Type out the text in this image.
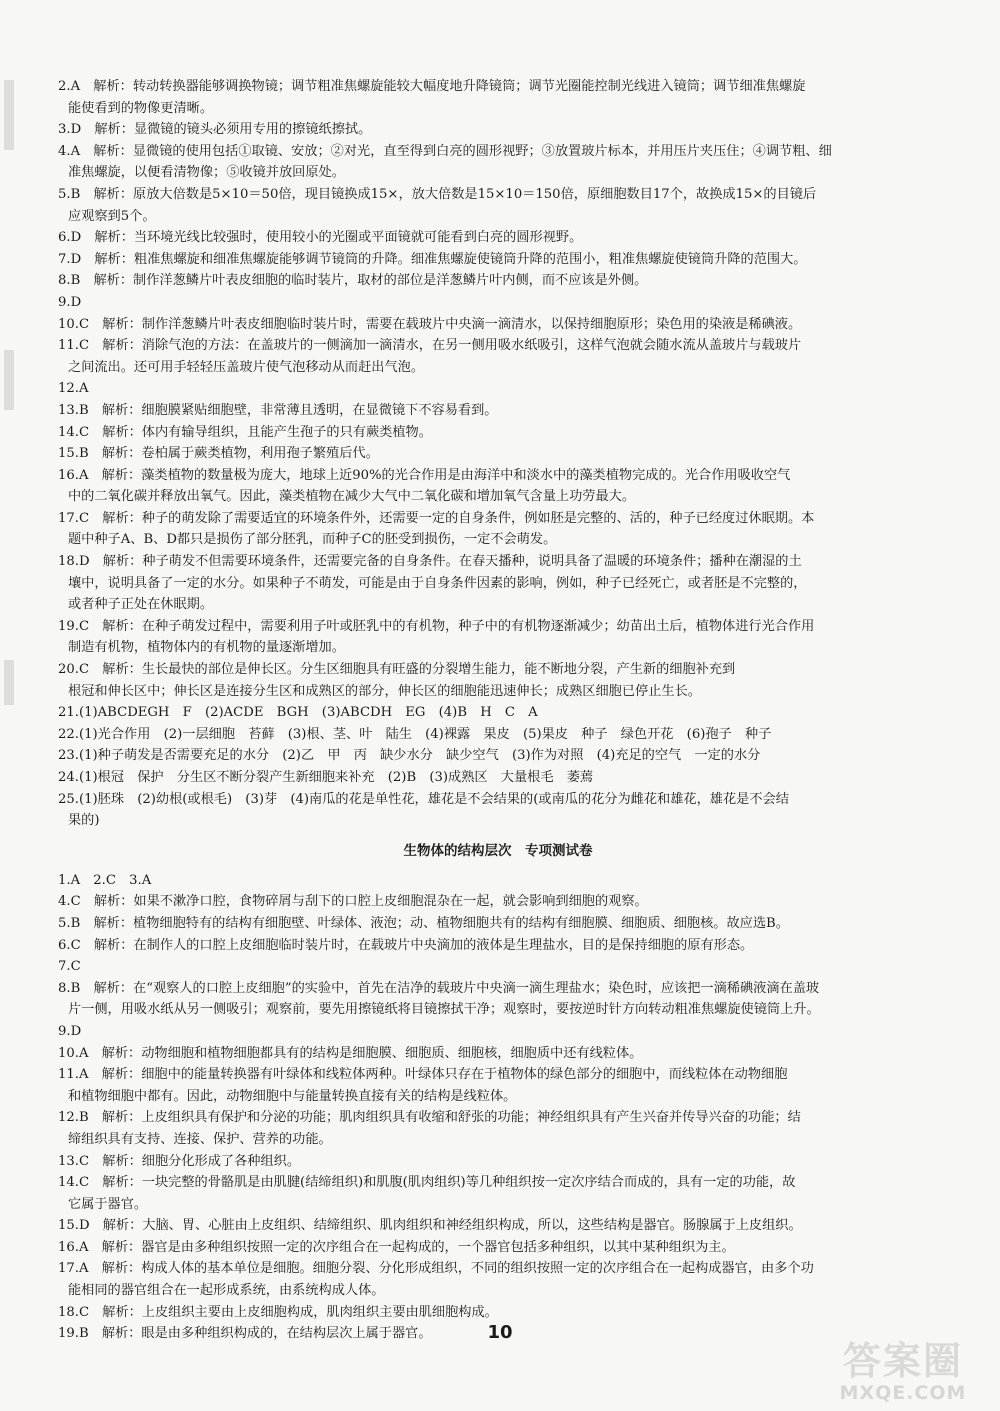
2.A　解析：转动转换器能够调换物镜；调节粗准焦螺旋能较大幅度地升降镜筒；调节光圈能控制光线进入镜筒；调节细准焦螺旋
能使看到的物像更清晰。
3.D　解析：显微镜的镜头必须用专用的擦镜纸擦拭。
4.A　解析：显微镜的使用包括①取镜、安放；②对光，直至得到白亮的圆形视野；③放置玻片标本，并用压片夹压住；④调节粗、细
准焦螺旋，以便看清物像；⑤收镜并放回原处。
5.B　解析：原放大倍数是5×10＝50倍，现目镜换成15×，放大倍数是15×10＝150倍，原细胞数目17个，故换成15×的目镜后
应观察到5个。
6.D　解析：当环境光线比较强时，使用较小的光圈或平面镜就可能看到白亮的圆形视野。
7.D　解析：粗准焦螺旋和细准焦螺旋能够调节镜筒的升降。细准焦螺旋使镜筒升降的范围小，粗准焦螺旋使镜筒升降的范围大。
8.B　解析：制作洋葱鳞片叶表皮细胞的临时装片，取材的部位是洋葱鳞片叶内侧，而不应该是外侧。
9.D
10.C　解析：制作洋葱鳞片叶表皮细胞临时装片时，需要在载玻片中央滴一滴清水，以保持细胞原形；染色用的染液是稀碘液。
11.C　解析：消除气泡的方法：在盖玻片的一侧滴加一滴清水，在另一侧用吸水纸吸引，这样气泡就会随水流从盖玻片与载玻片
之间流出。还可用手轻轻压盖玻片使气泡移动从而赶出气泡。
12.A
13.B　解析：细胞膜紧贴细胞壁，非常薄且透明，在显微镜下不容易看到。
14.C　解析：体内有输导组织，且能产生孢子的只有蕨类植物。
15.B　解析：卷柏属于蕨类植物，利用孢子繁殖后代。
16.A　解析：藻类植物的数量极为庞大，地球上近90%的光合作用是由海洋中和淡水中的藻类植物完成的。光合作用吸收空气
中的二氧化碳并释放出氧气。因此，藻类植物在减少大气中二氧化碳和增加氧气含量上功劳最大。
17.C　解析：种子的萌发除了需要适宜的环境条件外，还需要一定的自身条件，例如胚是完整的、活的，种子已经度过休眠期。本
题中种子A、B、D都只是损伤了部分胚乳，而种子C的胚受到损伤，一定不会萌发。
18.D　解析：种子萌发不但需要环境条件，还需要完备的自身条件。在春天播种，说明具备了温暖的环境条件；播种在潮湿的土
壤中，说明具备了一定的水分。如果种子不萌发，可能是由于自身条件因素的影响，例如，种子已经死亡，或者胚是不完整的，
或者种子正处在休眠期。
19.C　解析：在种子萌发过程中，需要利用子叶或胚乳中的有机物，种子中的有机物逐渐减少；幼苗出土后，植物体进行光合作用
制造有机物，植物体内的有机物的量逐渐增加。
20.C　解析：生长最快的部位是伸长区。分生区细胞具有旺盛的分裂增生能力，能不断地分裂，产生新的细胞补充到
根冠和伸长区中；伸长区是连接分生区和成熟区的部分，伸长区的细胞能迅速伸长；成熟区细胞已停止生长。
21.(1)ABCDEGH　F　(2)ACDE　BGH　(3)ABCDH　EG　(4)B　H　C　A
22.(1)光合作用　(2)一层细胞　苔藓　(3)根、茎、叶　陆生　(4)裸露　果皮　(5)果皮　种子　绿色开花　(6)孢子　种子
23.(1)种子萌发是否需要充足的水分　(2)乙　甲　丙　缺少水分　缺少空气　(3)作为对照　(4)充足的空气　一定的水分
24.(1)根冠　保护　分生区不断分裂产生新细胞来补充　(2)B　(3)成熟区　大量根毛　萎蔫
25.(1)胚珠　(2)幼根(或根毛)　(3)芽　(4)南瓜的花是单性花，雄花是不会结果的(或南瓜的花分为雌花和雄花，雄花是不会结
果的)
生物体的结构层次　专项测试卷
1.A　2.C　3.A
4.C　解析：如果不漱净口腔，食物碎屑与刮下的口腔上皮细胞混杂在一起，就会影响到细胞的观察。
5.B　解析：植物细胞特有的结构有细胞壁、叶绿体、液泡；动、植物细胞共有的结构有细胞膜、细胞质、细胞核。故应选B。
6.C　解析：在制作人的口腔上皮细胞临时装片时，在载玻片中央滴加的液体是生理盐水，目的是保持细胞的原有形态。
7.C
8.B　解析：在“观察人的口腔上皮细胞”的实验中，首先在洁净的载玻片中央滴一滴生理盐水；染色时，应该把一滴稀碘液滴在盖玻
片一侧，用吸水纸从另一侧吸引；观察前，要先用擦镜纸将目镜擦拭干净；观察时，要按逆时针方向转动粗准焦螺旋使镜筒上升。
9.D
10.A　解析：动物细胞和植物细胞都具有的结构是细胞膜、细胞质、细胞核，细胞质中还有线粒体。
11.A　解析：细胞中的能量转换器有叶绿体和线粒体两种。叶绿体只存在于植物体的绿色部分的细胞中，而线粒体在动物细胞
和植物细胞中都有。因此，动物细胞中与能量转换直接有关的结构是线粒体。
12.B　解析：上皮组织具有保护和分泌的功能；肌肉组织具有收缩和舒张的功能；神经组织具有产生兴奋并传导兴奋的功能；结
缔组织具有支持、连接、保护、营养的功能。
13.C　解析：细胞分化形成了各种组织。
14.C　解析：一块完整的骨骼肌是由肌腱(结缔组织)和肌腹(肌肉组织)等几种组织按一定次序结合而成的，具有一定的功能，故
它属于器官。
15.D　解析：大脑、胃、心脏由上皮组织、结缔组织、肌肉组织和神经组织构成，所以，这些结构是器官。肠腺属于上皮组织。
16.A　解析：器官是由多种组织按照一定的次序组合在一起构成的，一个器官包括多种组织，以其中某种组织为主。
17.A　解析：构成人体的基本单位是细胞。细胞分裂、分化形成组织，不同的组织按照一定的次序组合在一起构成器官，由多个功
能相同的器官组合在一起形成系统，由系统构成人体。
18.C　解析：上皮组织主要由上皮细胞构成，肌肉组织主要由肌细胞构成。
19.B　解析：眼是由多种组织构成的，在结构层次上属于器官。	10
答案圈
MXQE.COM
